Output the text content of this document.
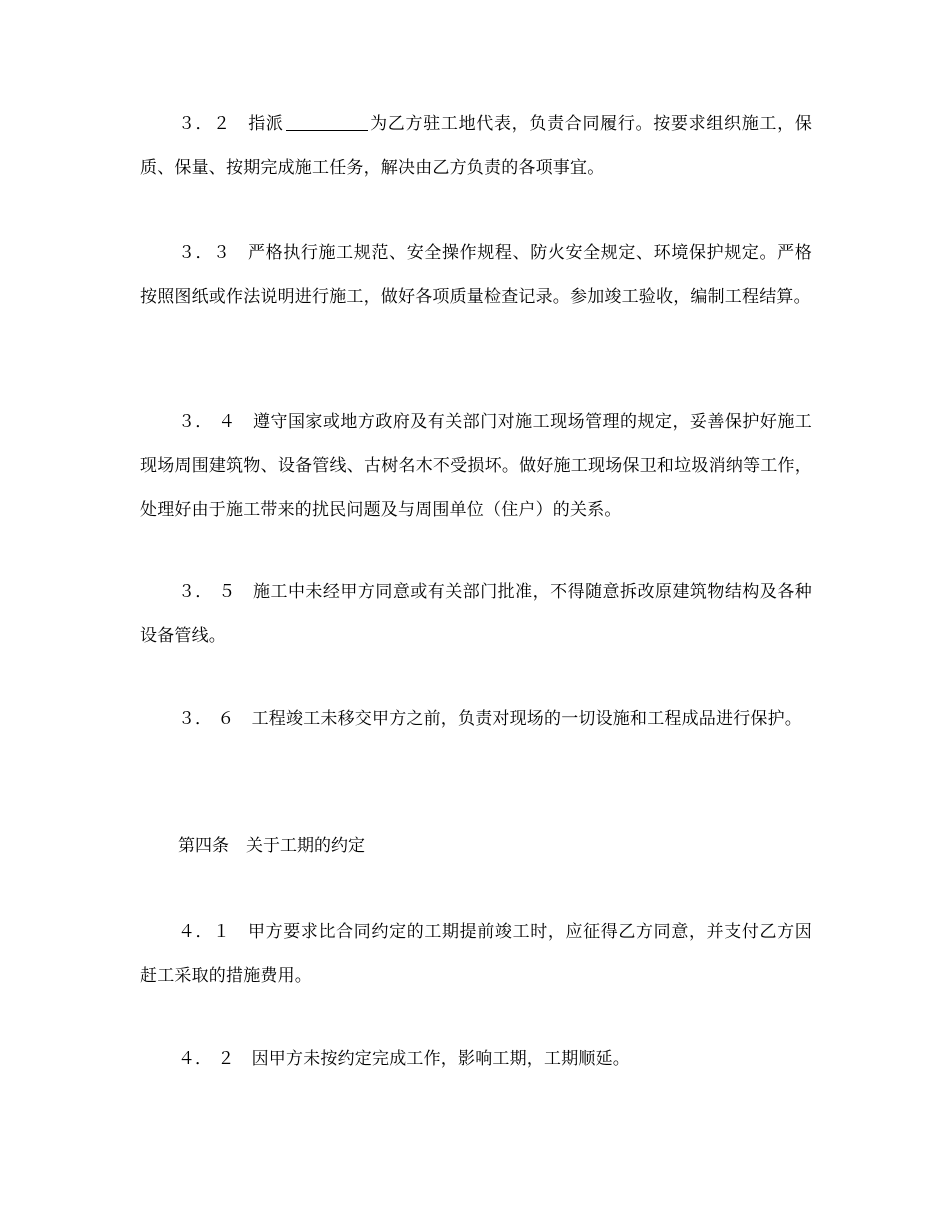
３．２　 指派	为乙方驻工地代表，负责合同履行。按要求组织施工，保质、保量、按期完成施工任务，解决由乙方负责的各项事宜。

３．３　 严格执行施工规范、安全操作规程、防火安全规定、环境保护规定。严格按照图纸或作法说明进行施工，做好各项质量检查记录。参加竣工验收，编制工程结算。

３． ４　 遵守国家或地方政府及有关部门对施工现场管理的规定，妥善保护好施工现场周围建筑物、设备管线、古树名木不受损坏。做好施工现场保卫和垃圾消纳等工作，处理好由于施工带来的扰民问题及与周围单位（住户）的关系。

３． ５　 施工中未经甲方同意或有关部门批准，不得随意拆改原建筑物结构及各种设备管线。

３． ６　 工程竣工未移交甲方之前，负责对现场的一切设施和工程成品进行保护。

第四条　关于工期的约定

４．１　 甲方要求比合同约定的工期提前竣工时，应征得乙方同意，并支付乙方因赶工采取的措施费用。

４． ２　 因甲方未按约定完成工作，影响工期，工期顺延。
